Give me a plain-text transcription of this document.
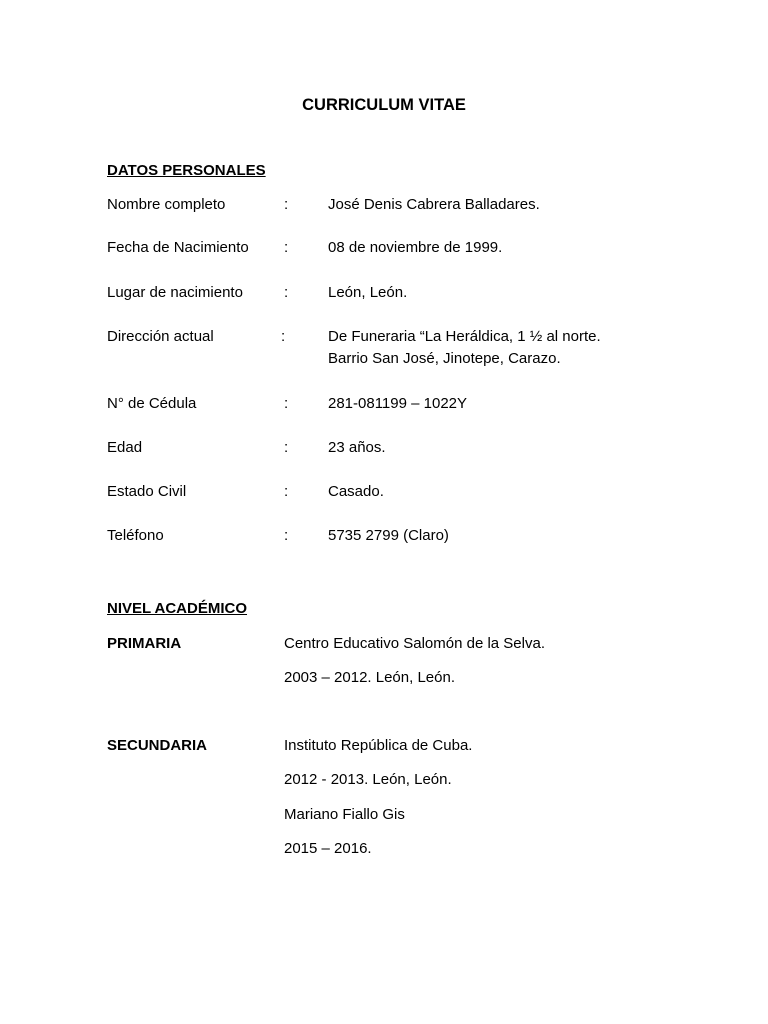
CURRICULUM VITAE
DATOS PERSONALES
Nombre completo	:	José Denis Cabrera Balladares.
Fecha de Nacimiento :	08 de noviembre de 1999.
Lugar de nacimiento	:	León, León.
Dirección actual	:	De Funeraria “La Heráldica, 1 ½ al norte.
Barrio San José, Jinotepe, Carazo.
N° de Cédula	:	281-081199 – 1022Y
Edad	:	23 años.
Estado Civil	:	Casado.
Teléfono	:	5735 2799 (Claro)
NIVEL ACADÉMICO
PRIMARIA	Centro Educativo Salomón de la Selva.
2003 – 2012. León, León.
SECUNDARIA	Instituto República de Cuba.
2012 - 2013. León, León.
Mariano Fiallo Gis
2015 – 2016.
